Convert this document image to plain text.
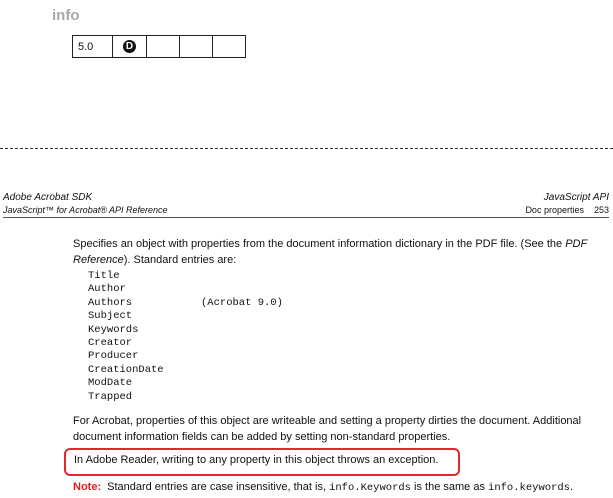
info
5.0	D			
Adobe Acrobat SDK
JavaScript™ for Acrobat® API Reference
JavaScript API
Doc properties 253
Specifies an object with properties from the document information dictionary in the PDF file. (See the PDF Reference). Standard entries are:
Title
Author
Authors	(Acrobat 9.0)
Subject
Keywords
Creator
Producer
CreationDate
ModDate
Trapped
For Acrobat, properties of this object are writeable and setting a property dirties the document. Additional document information fields can be added by setting non-standard properties.
In Adobe Reader, writing to any property in this object throws an exception.
Note: Standard entries are case insensitive, that is, info.Keywords is the same as info.keywords.
